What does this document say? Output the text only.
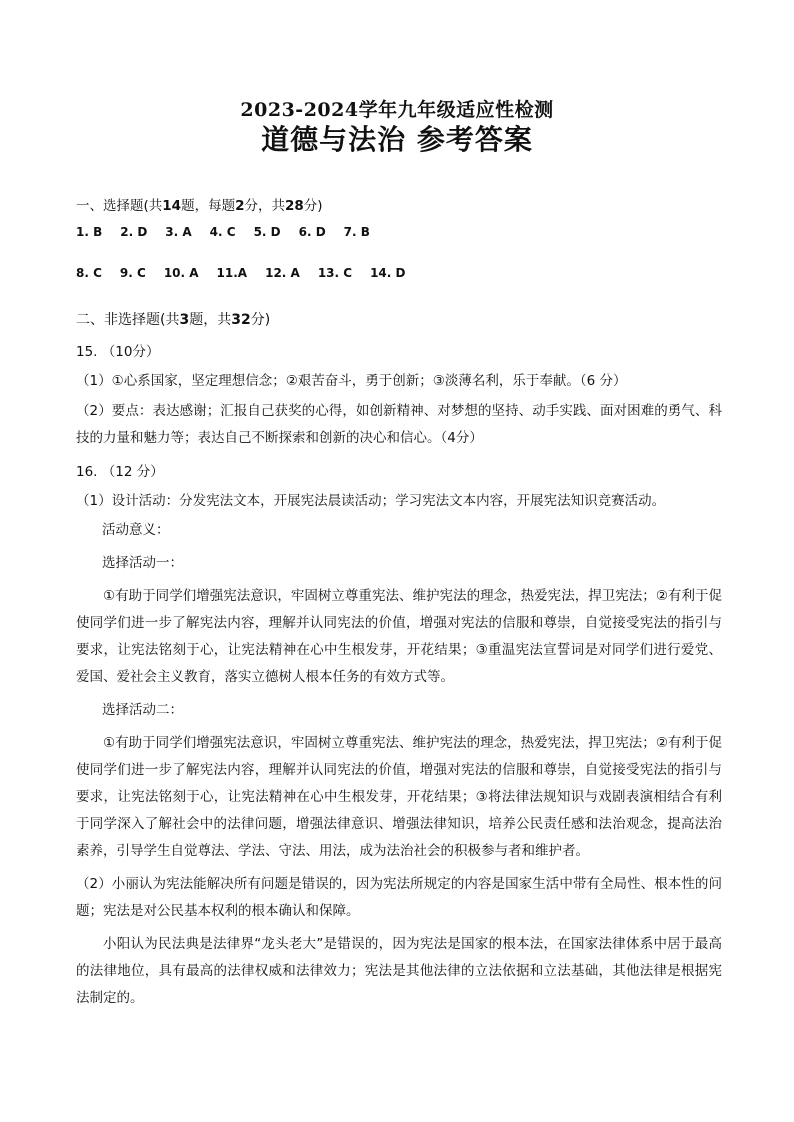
2023-2024学年九年级适应性检测
道德与法治 参考答案

一、选择题(共14题，每题2分，共28分)

1. B 2. D 3. A 4. C 5. D 6. D 7. B
8. C 9. C 10. A 11.A 12. A 13. C 14. D

二、非选择题(共3题，共32分)

15. （10分）

（1）①心系国家，坚定理想信念；②艰苦奋斗，勇于创新；③淡薄名利，乐于奉献。（6 分）

（2）要点：表达感谢；汇报自己获奖的心得，如创新精神、对梦想的坚持、动手实践、面对困难的勇气、科技的力量和魅力等；表达自己不断探索和创新的决心和信心。（4分）

16. （12 分）

（1）设计活动：分发宪法文本，开展宪法晨读活动；学习宪法文本内容，开展宪法知识竞赛活动。

活动意义：

选择活动一：

①有助于同学们增强宪法意识，牢固树立尊重宪法、维护宪法的理念，热爱宪法，捍卫宪法；②有利于促使同学们进一步了解宪法内容，理解并认同宪法的价值，增强对宪法的信服和尊崇，自觉接受宪法的指引与要求，让宪法铭刻于心，让宪法精神在心中生根发芽，开花结果；③重温宪法宣誓词是对同学们进行爱党、爱国、爱社会主义教育，落实立德树人根本任务的有效方式等。

选择活动二：

①有助于同学们增强宪法意识，牢固树立尊重宪法、维护宪法的理念，热爱宪法，捍卫宪法；②有利于促使同学们进一步了解宪法内容，理解并认同宪法的价值，增强对宪法的信服和尊崇，自觉接受宪法的指引与要求，让宪法铭刻于心，让宪法精神在心中生根发芽，开花结果；③将法律法规知识与戏剧表演相结合有利于同学深入了解社会中的法律问题，增强法律意识、增强法律知识，培养公民责任感和法治观念，提高法治素养，引导学生自觉尊法、学法、守法、用法，成为法治社会的积极参与者和维护者。

（2）小丽认为宪法能解决所有问题是错误的，因为宪法所规定的内容是国家生活中带有全局性、根本性的问题；宪法是对公民基本权利的根本确认和保障。

小阳认为民法典是法律界“龙头老大”是错误的，因为宪法是国家的根本法，在国家法律体系中居于最高的法律地位，具有最高的法律权威和法律效力；宪法是其他法律的立法依据和立法基础，其他法律是根据宪法制定的。
